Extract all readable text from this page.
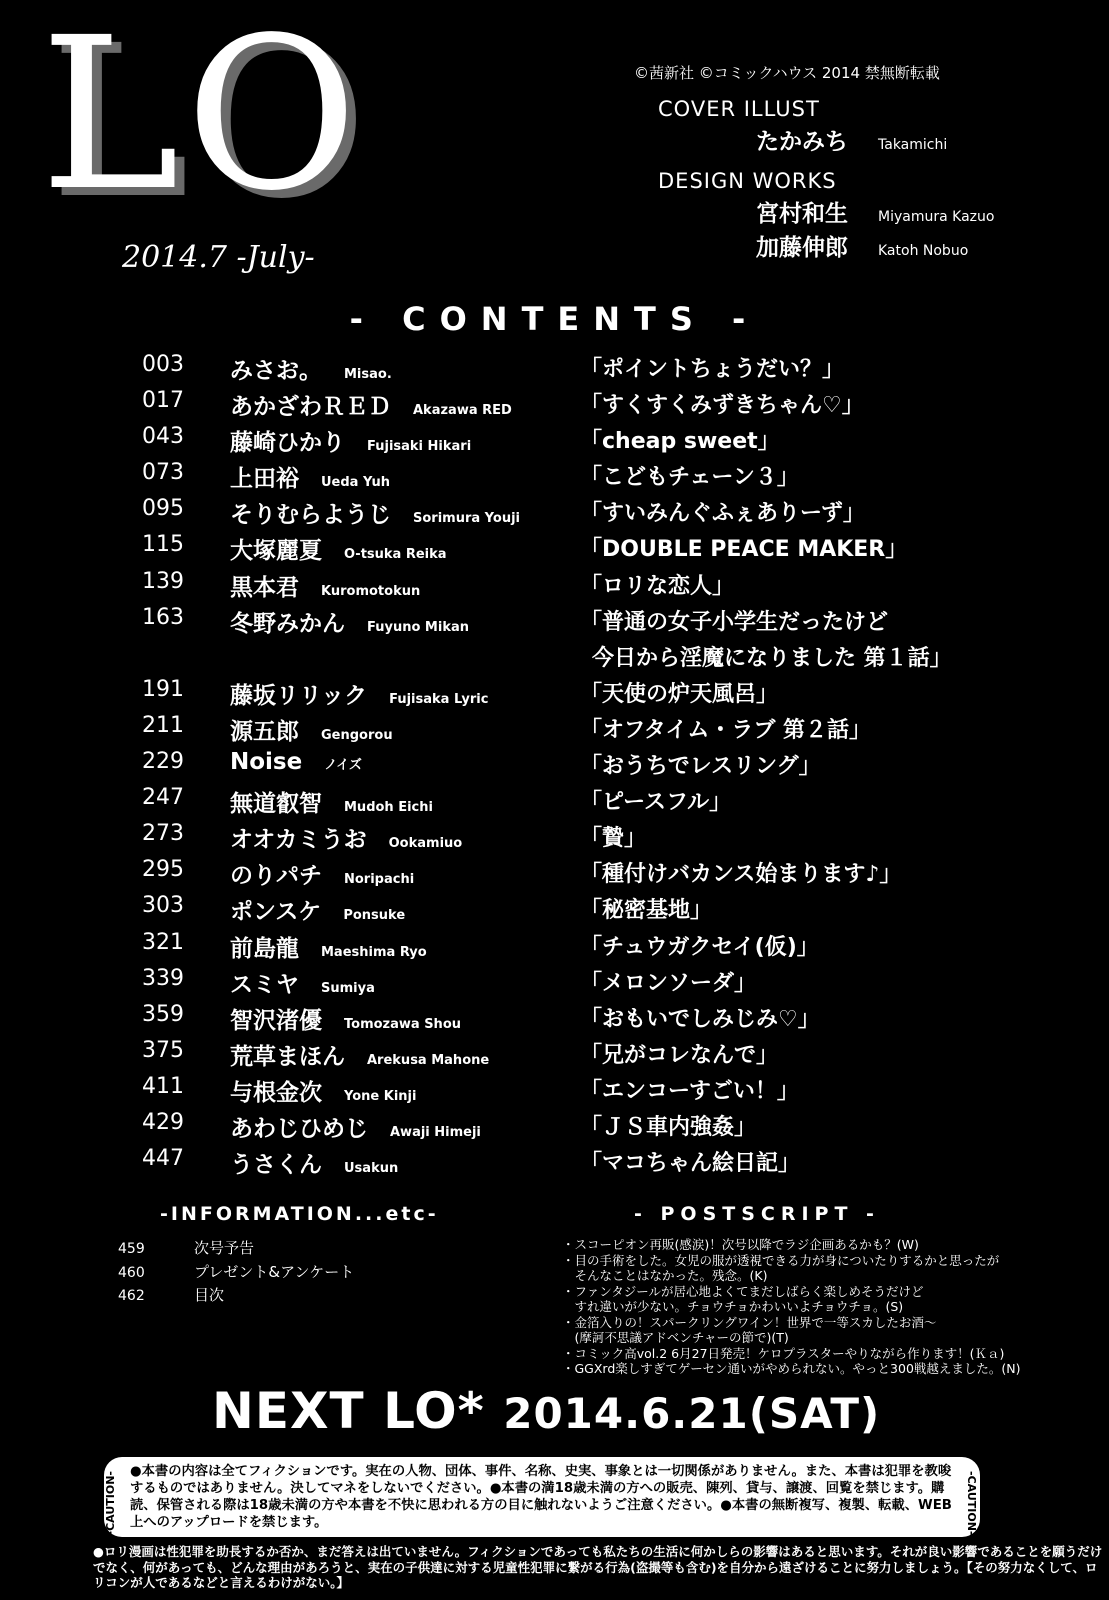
LO
2014.7 -July-
©茜新社 ©コミックハウス 2014 禁無断転載
COVER ILLUST
たかみち	Takamichi
DESIGN WORKS
宮村和生	Miyamura Kazuo
加藤伸郎	Katoh Nobuo
- CONTENTS -
003 みさお。 Misao.	「ポイントちょうだい？」
017 あかざわＲＥＤ Akazawa RED	「すくすくみずきちゃん♡」
043 藤崎ひかり Fujisaki Hikari	「cheap sweet」
073 上田裕 Ueda Yuh	「こどもチェーン３」
095 そりむらようじ Sorimura Youji	「すいみんぐふぇありーず」
115 大塚麗夏 O-tsuka Reika	「DOUBLE PEACE MAKER」
139 黒本君 Kuromotokun	「ロリな恋人」
163 冬野みかん Fuyuno Mikan	「普通の女子小学生だったけど
今日から淫魔になりました 第１話」
191 藤坂リリック Fujisaka Lyric	「天使の炉天風呂」
211 源五郎 Gengorou	「オフタイム・ラブ 第２話」
229 Noise ノイズ	「おうちでレスリング」
247 無道叡智 Mudoh Eichi	「ピースフル」
273 オオカミうお Ookamiuo	「贄」
295 のりパチ Noripachi	「種付けバカンス始まります♪」
303 ポンスケ Ponsuke	「秘密基地」
321 前島龍 Maeshima Ryo	「チュウガクセイ(仮)」
339 スミヤ Sumiya	「メロンソーダ」
359 智沢渚優 Tomozawa Shou	「おもいでしみじみ♡」
375 荒草まほん Arekusa Mahone	「兄がコレなんで」
411 与根金次 Yone Kinji	「エンコーすごい！」
429 あわじひめじ Awaji Himeji	「ＪＳ車内強姦」
447 うさくん Usakun	「マコちゃん絵日記」
-INFORMATION...etc-
459	次号予告
460	プレゼント&アンケート
462	目次
- POSTSCRIPT -
・スコーピオン再販(感涙)！次号以降でラジ企画あるかも？(W)
・目の手術をした。女児の服が透視できる力が身についたりするかと思ったが
　そんなことはなかった。残念。(K)
・ファンタジールが居心地よくてまだしばらく楽しめそうだけど
　すれ違いが少ない。チョウチョかわいいよチョウチョ。(S)
・金箔入りの！スパークリングワイン！世界で一等スカしたお酒～
　(摩訶不思議アドベンチャーの節で)(T)
・コミック高vol.2 6月27日発売！ケロプラスターやりながら作ります！(Ｋａ)
・GGXrd楽しすぎてゲーセン通いがやめられない。やっと300戦越えました。(N)
NEXT LO* 2014.6.21(SAT)
-CAUTION- ●本書の内容は全てフィクションです。実在の人物、団体、事件、名称、史実、事象とは一切関係がありません。また、本書は犯罪を教唆するものではありません。決してマネをしないでください。●本書の満18歳未満の方への販売、陳列、貸与、譲渡、回覧を禁じます。購読、保管される際は18歳未満の方や本書を不快に思われる方の目に触れないようご注意ください。●本書の無断複写、複製、転載、WEB上へのアップロードを禁じます。	-CAUTION-
●ロリ漫画は性犯罪を助長するか否か、まだ答えは出ていません。フィクションであっても私たちの生活に何かしらの影響はあると思います。それが良い影響であることを願うだけでなく、何があっても、どんな理由があろうと、実在の子供達に対する児童性犯罪に繋がる行為(盗撮等も含む)を自分から遠ざけることに努力しましょう。【その努力なくして、ロリコンが人であるなどと言えるわけがない。】
